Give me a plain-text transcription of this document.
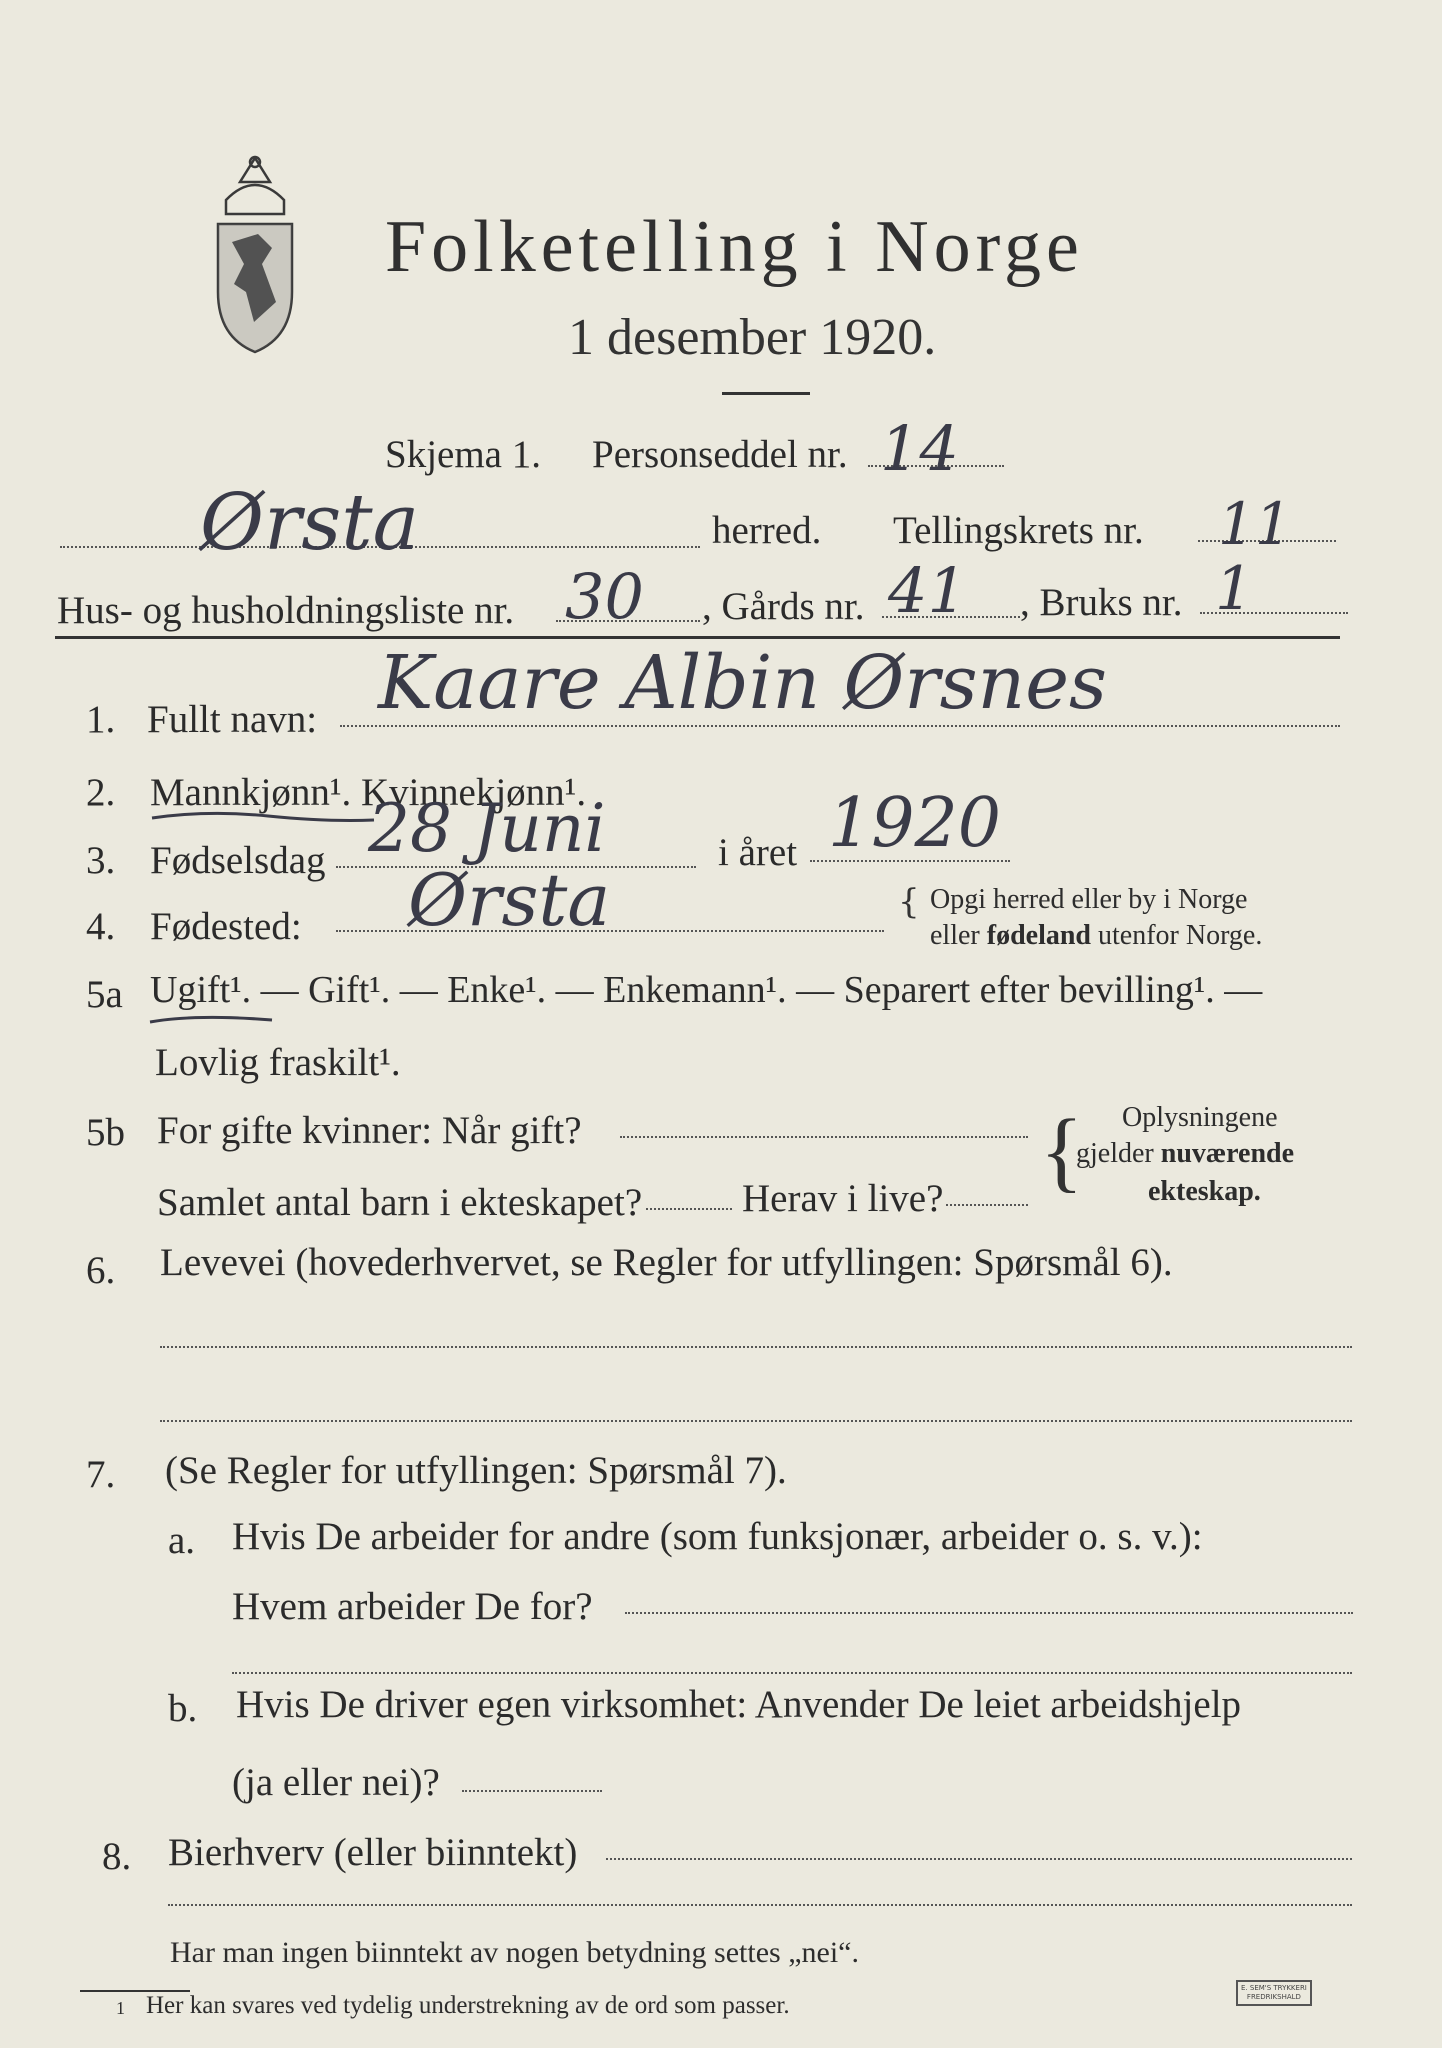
Folketelling i Norge
1 desember 1920.
Skjema 1. Personseddel nr. 14
Ørsta	herred. Tellingskrets nr. 11
Hus- og husholdningsliste nr. 30 , Gårds nr. 41 , Bruks nr. 1
1. Fullt navn: Kaare Albin Ørsnes
2. Mannkjønn¹. Kvinnekjønn¹.
3. Fødselsdag 28 Juni	i året 1920
4. Fødested: Ørsta	{ Opgi herred eller by i Norge
eller fødeland utenfor Norge.
5a Ugift¹. — Gift¹. — Enke¹. — Enkemann¹. — Separert efter bevilling¹. —
Lovlig fraskilt¹.
5b For gifte kvinner: Når gift?
Samlet antal barn i ekteskapet?	Herav i live? { Oplysningene
gjelder nuværende
ekteskap.
6. Levevei (hovederhvervet, se Regler for utfyllingen: Spørsmål 6).
7. (Se Regler for utfyllingen: Spørsmål 7).
a. Hvis De arbeider for andre (som funksjonær, arbeider o. s. v.):
Hvem arbeider De for?
b. Hvis De driver egen virksomhet: Anvender De leiet arbeidshjelp
(ja eller nei)?
8. Bierhverv (eller biinntekt)
Har man ingen biinntekt av nogen betydning settes „nei“.
1 Her kan svares ved tydelig understrekning av de ord som passer.
E. SEM'S TRYKKERI
FREDRIKSHALD
